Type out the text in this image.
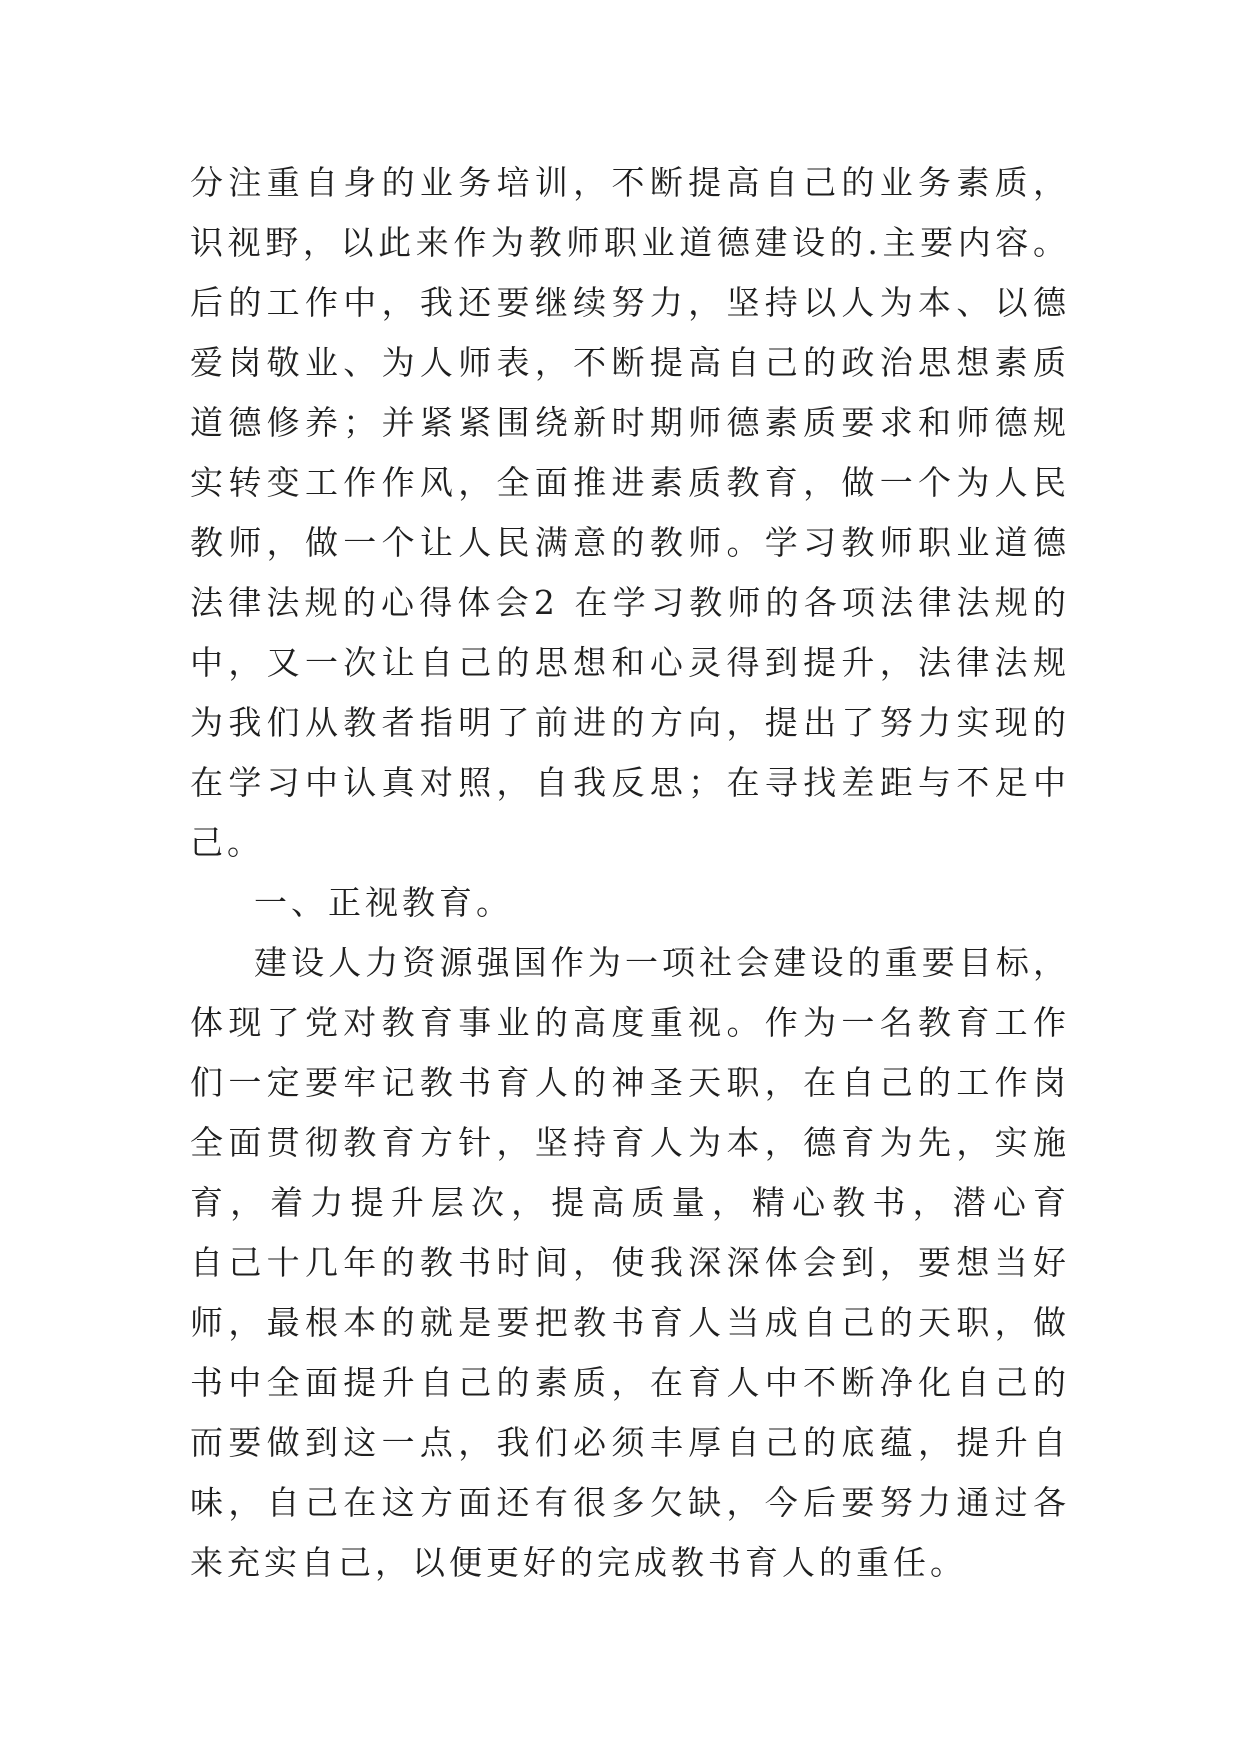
分注重自身的业务培训，不断提高自己的业务素质，
识视野，以此来作为教师职业道德建设的.主要内容。
后的工作中，我还要继续努力，坚持以人为本、以德
爱岗敬业、为人师表，不断提高自己的政治思想素质
道德修养；并紧紧围绕新时期师德素质要求和师德规
实转变工作作风，全面推进素质教育，做一个为人民
教师，做一个让人民满意的教师。学习教师职业道德
法律法规的心得体会2 在学习教师的各项法律法规的
中，又一次让自己的思想和心灵得到提升，法律法规
为我们从教者指明了前进的方向，提出了努力实现的
在学习中认真对照，自我反思；在寻找差距与不足中
己。
一、正视教育。
建设人力资源强国作为一项社会建设的重要目标，
体现了党对教育事业的高度重视。作为一名教育工作
们一定要牢记教书育人的神圣天职，在自己的工作岗
全面贯彻教育方针，坚持育人为本，德育为先，实施
育，着力提升层次，提高质量，精心教书，潜心育
自己十几年的教书时间，使我深深体会到，要想当好
师，最根本的就是要把教书育人当成自己的天职，做
书中全面提升自己的素质，在育人中不断净化自己的
而要做到这一点，我们必须丰厚自己的底蕴，提升自
味，自己在这方面还有很多欠缺，今后要努力通过各
来充实自己，以便更好的完成教书育人的重任。
